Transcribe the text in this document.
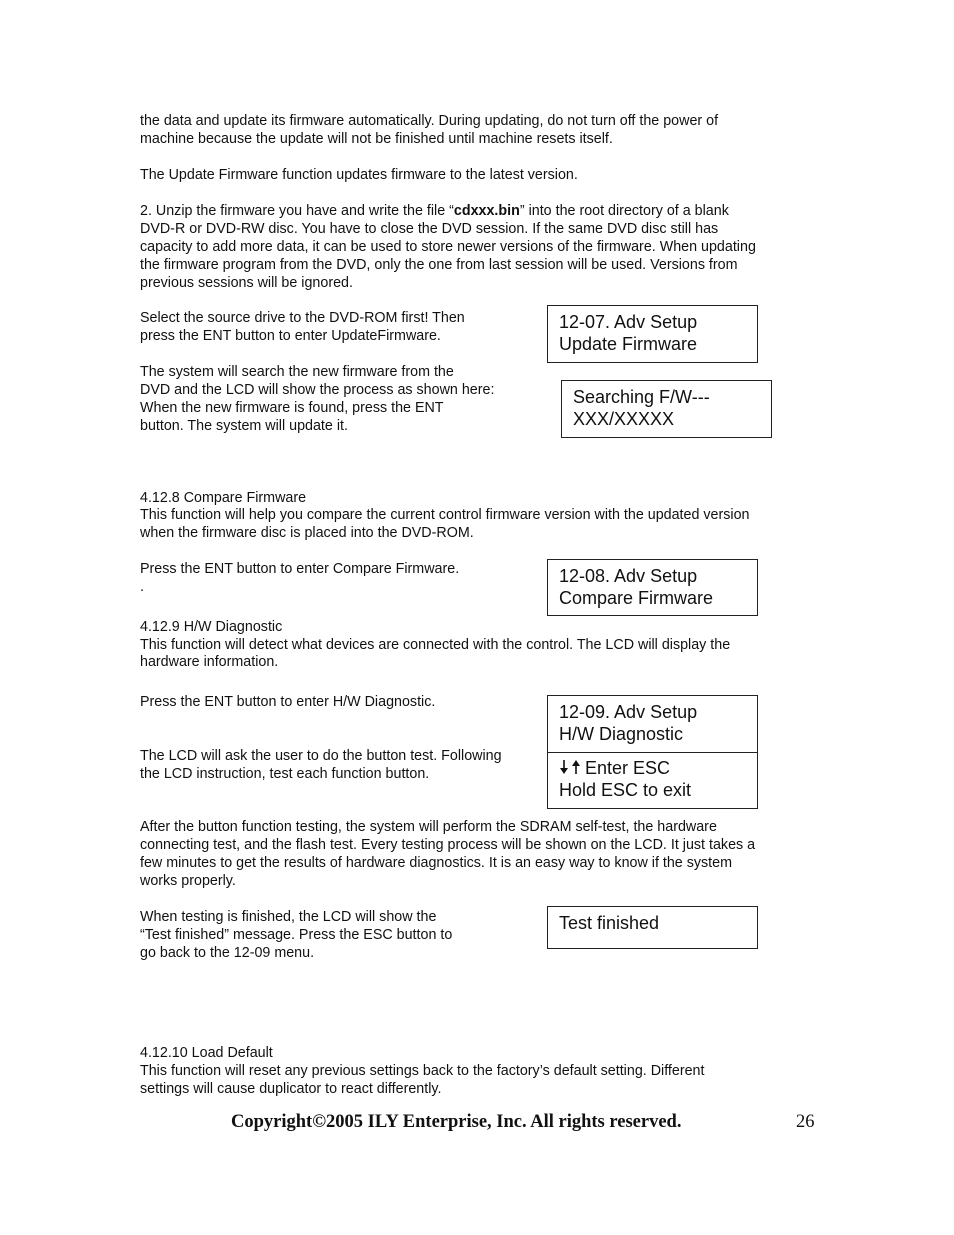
the data and update its firmware automatically. During updating, do not turn off the power of

machine because the update will not be finished until machine resets itself.

The Update Firmware function updates firmware to the latest version.

2. Unzip the firmware you have and write the file “cdxxx.bin” into the root directory of a blank

DVD-R or DVD-RW disc. You have to close the DVD session. If the same DVD disc still has

capacity to add more data, it can be used to store newer versions of the firmware. When updating

the firmware program from the DVD, only the one from last session will be used. Versions from

previous sessions will be ignored.

Select the source drive to the DVD-ROM first! Then

press the ENT button to enter UpdateFirmware.

The system will search the new firmware from the

DVD and the LCD will show the process as shown here:

When the new firmware is found, press the ENT

button. The system will update it.

12-07. Adv Setup
Update Firmware
Searching F/W---
XXX/XXXXX

4.12.8 Compare Firmware

This function will help you compare the current control firmware version with the updated version

when the firmware disc is placed into the DVD-ROM.

Press the ENT button to enter Compare Firmware.

.

12-08. Adv Setup
Compare Firmware

4.12.9 H/W Diagnostic

This function will detect what devices are connected with the control. The LCD will display the

hardware information.

Press the ENT button to enter H/W Diagnostic.

The LCD will ask the user to do the button test. Following

the LCD instruction, test each function button.

12-09. Adv Setup
H/W Diagnostic
Enter ESC
Hold ESC to exit

After the button function testing, the system will perform the SDRAM self-test, the hardware

connecting test, and the flash test. Every testing process will be shown on the LCD. It just takes a

few minutes to get the results of hardware diagnostics. It is an easy way to know if the system

works properly.

When testing is finished, the LCD will show the

“Test finished” message. Press the ESC button to

go back to the 12-09 menu.

Test finished

4.12.10 Load Default

This function will reset any previous settings back to the factory’s default setting. Different

settings will cause duplicator to react differently.

Copyright©2005 ILY Enterprise, Inc. All rights reserved.	26
